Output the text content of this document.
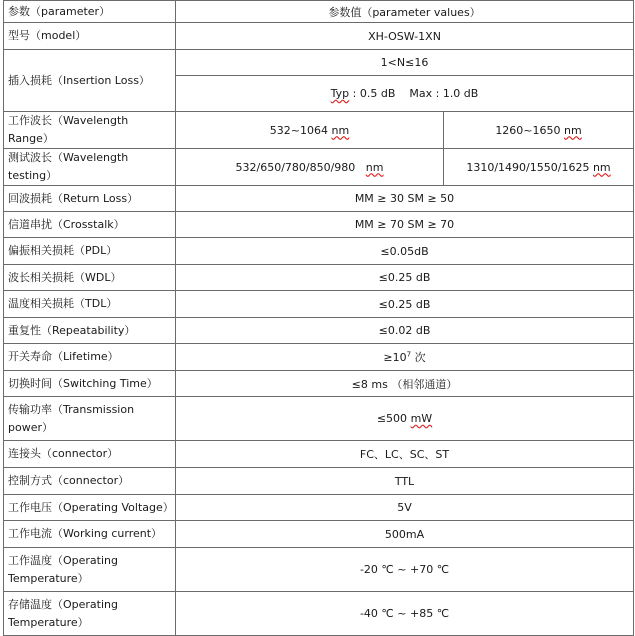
参数（parameter）	参数值（parameter values）	
型号（model）	XH-OSW-1XN	
插入损耗（Insertion Loss）	1<N≤16	
	Typ : 0.5 dB Max : 1.0 dB	
工作波长（Wavelength Range）	532~1064 nm	1260~1650 nm
测试波长（Wavelength testing）	532/650/780/850/980   nm	1310/1490/1550/1625 nm
回波损耗（Return Loss）	MM ≥ 30 SM ≥ 50	
信道串扰（Crosstalk）	MM ≥ 70 SM ≥ 70	
偏振相关损耗（PDL）	≤0.05dB	
波长相关损耗（WDL）	≤0.25 dB	
温度相关损耗（TDL）	≤0.25 dB	
重复性（Repeatability）	≤0.02 dB	
开关寿命（Lifetime）	$\ge 10^7$ 次	
切换时间（Switching Time）	≤8 ms （相邻通道）	
传输功率（Transmission power）	≤500 mW	
连接头（connector）	FC、LC、SC、ST	
控制方式（connector）	TTL	
工作电压（Operating Voltage）	5V	
工作电流（Working current）	500mA	
工作温度（Operating Temperature）	-20 ℃ ~ +70 ℃	
存储温度（Operating Temperature）	-40 ℃ ~ +85 ℃	
